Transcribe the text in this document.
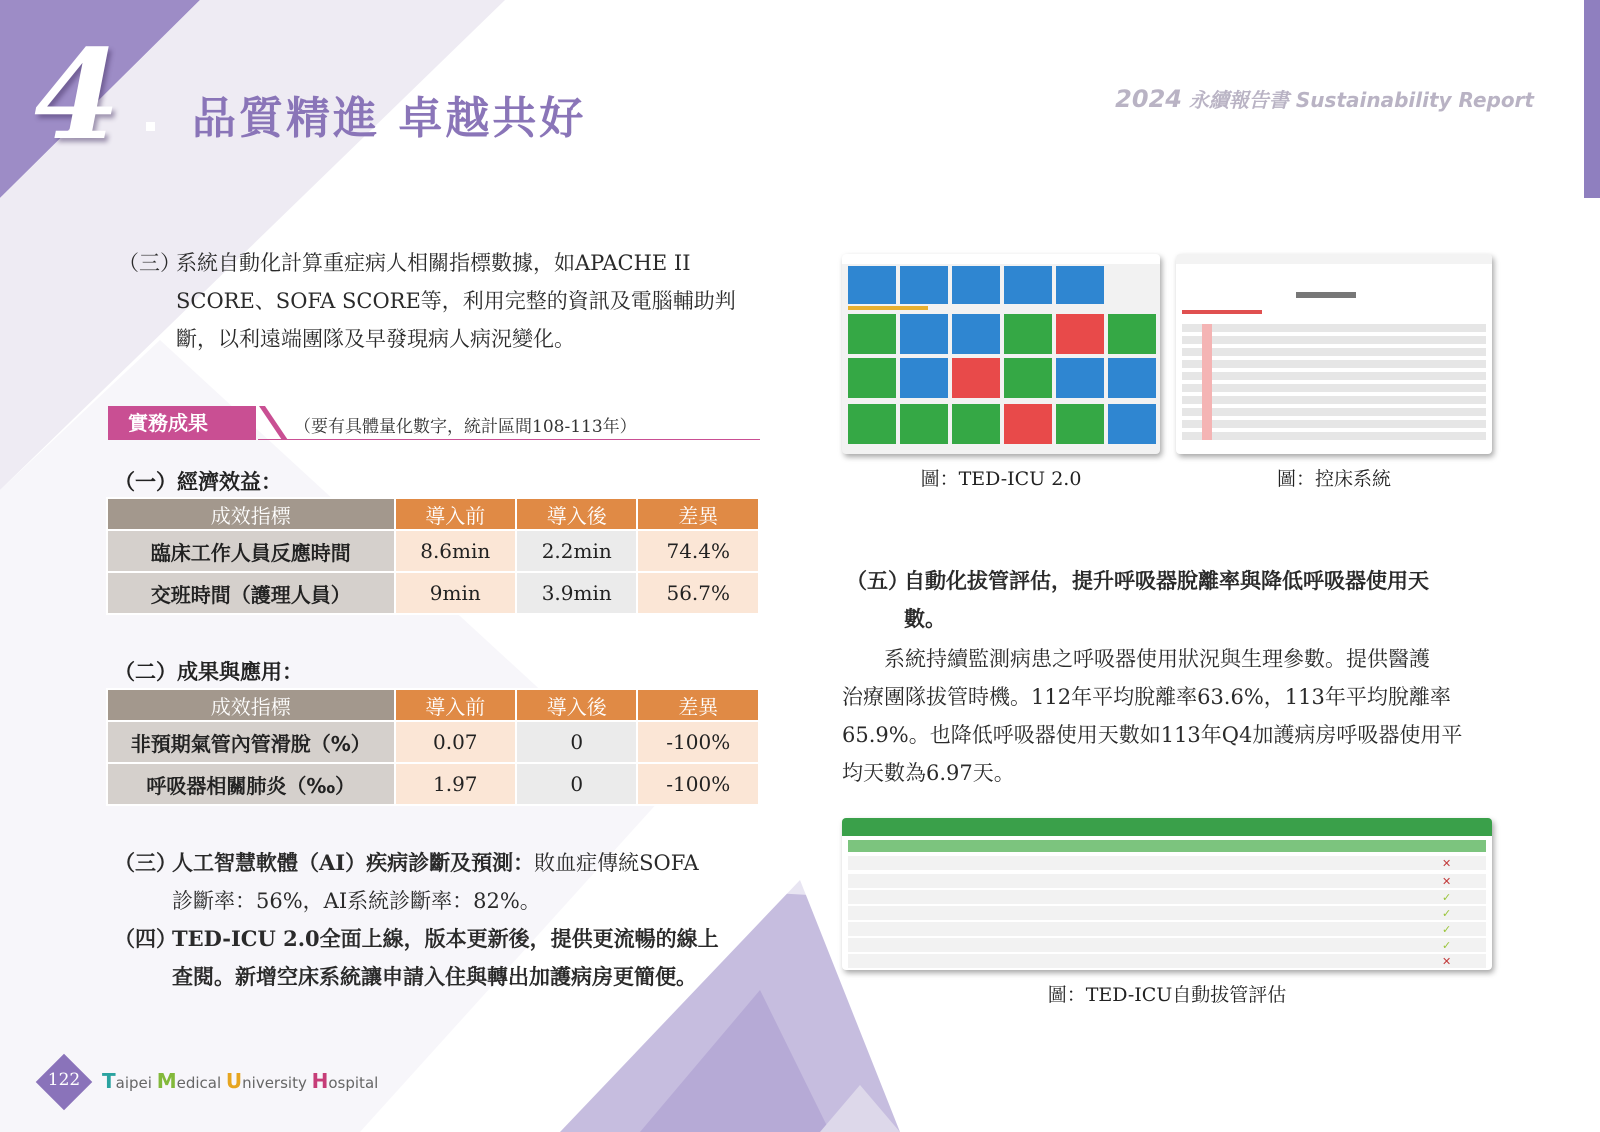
4 品質精進 卓越共好	2024 永續報告書 Sustainability Report
（三）系統自動化計算重症病人相關指標數據，如APACHE II
SCORE、SOFA SCORE等，利用完整的資訊及電腦輔助判
斷，以利遠端團隊及早發現病人病況變化。
實務成果	（要有具體量化數字，統計區間108-113年）
（一）經濟效益：
成效指標	導入前	導入後	差異
臨床工作人員反應時間	8.6min	2.2min	74.4%
交班時間（護理人員）	9min	3.9min	56.7%
（二）成果與應用：
成效指標	導入前	導入後	差異
非預期氣管內管滑脫（%）	0.07	0	-100%
呼吸器相關肺炎（‰）	1.97	0	-100%
（三）人工智慧軟體（AI）疾病診斷及預測：敗血症傳統SOFA
診斷率：56%，AI系統診斷率：82%。
（四）TED-ICU 2.0全面上線，版本更新後，提供更流暢的線上
查閱。新增空床系統讓申請入住與轉出加護病房更簡便。
圖：TED-ICU 2.0	圖：控床系統
（五）自動化拔管評估，提升呼吸器脫離率與降低呼吸器使用天
數。
系統持續監測病患之呼吸器使用狀況與生理參數。提供醫護
治療團隊拔管時機。112年平均脫離率63.6%，113年平均脫離率
65.9%。也降低呼吸器使用天數如113年Q4加護病房呼吸器使用平
均天數為6.97天。
✕
✕
✕
✓
✓
✓
✓
圖：TED-ICU自動拔管評估
122	Taipei Medical University Hospital
